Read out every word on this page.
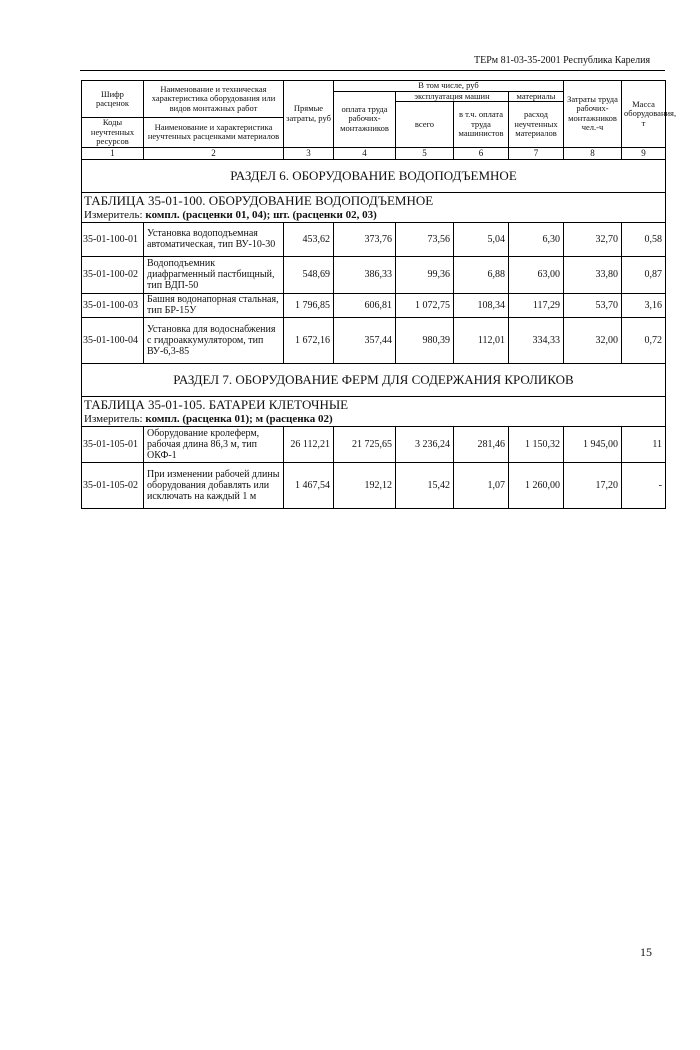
ТЕРм 81-03-35-2001 Республика Карелия
Шифр расценок	Наименование и техническая характеристика оборудования или видов монтажных работ	Прямые затраты, руб	В том числе, руб				Затраты труда рабочих-монтажников чел.-ч	Масса оборудования, т
			оплата труда рабочих-монтажников	эксплуатация машин		материалы		
				всего	в т.ч. оплата труда машинистов	расход неучтенных материалов		
Коды неучтенных ресурсов	Наименование и характеристика неучтенных расценками материалов							

1	2	3	4	5	6	7	8	9
РАЗДЕЛ 6. ОБОРУДОВАНИЕ ВОДОПОДЪЕМНОЕ								
ТАБЛИЦА 35-01-100. ОБОРУДОВАНИЕ ВОДОПОДЪЕМНОЕ								
Измеритель: компл. (расценки 01, 04); шт. (расценки 02, 03)								
35-01-100-01	Установка водоподъемная автоматическая, тип ВУ-10-30	453,62	373,76	73,56	5,04	6,30	32,70	0,58
35-01-100-02	Водоподъемник диафрагменный пастбищный, тип ВДП-50	548,69	386,33	99,36	6,88	63,00	33,80	0,87
35-01-100-03	Башня водонапорная стальная, тип БР-15У	1 796,85	606,81	1 072,75	108,34	117,29	53,70	3,16
35-01-100-04	Установка для водоснабжения с гидроаккумулятором, тип ВУ-6,3-85	1 672,16	357,44	980,39	112,01	334,33	32,00	0,72
РАЗДЕЛ 7. ОБОРУДОВАНИЕ ФЕРМ ДЛЯ СОДЕРЖАНИЯ КРОЛИКОВ								
ТАБЛИЦА 35-01-105. БАТАРЕИ КЛЕТОЧНЫЕ								
Измеритель: компл. (расценка 01); м (расценка 02)								
35-01-105-01	Оборудование кролеферм, рабочая длина 86,3 м, тип ОКФ-1	26 112,21	21 725,65	3 236,24	281,46	1 150,32	1 945,00	11
35-01-105-02	При изменении рабочей длины оборудования добавлять или исключать на каждый 1 м	1 467,54	192,12	15,42	1,07	1 260,00	17,20	-
15
